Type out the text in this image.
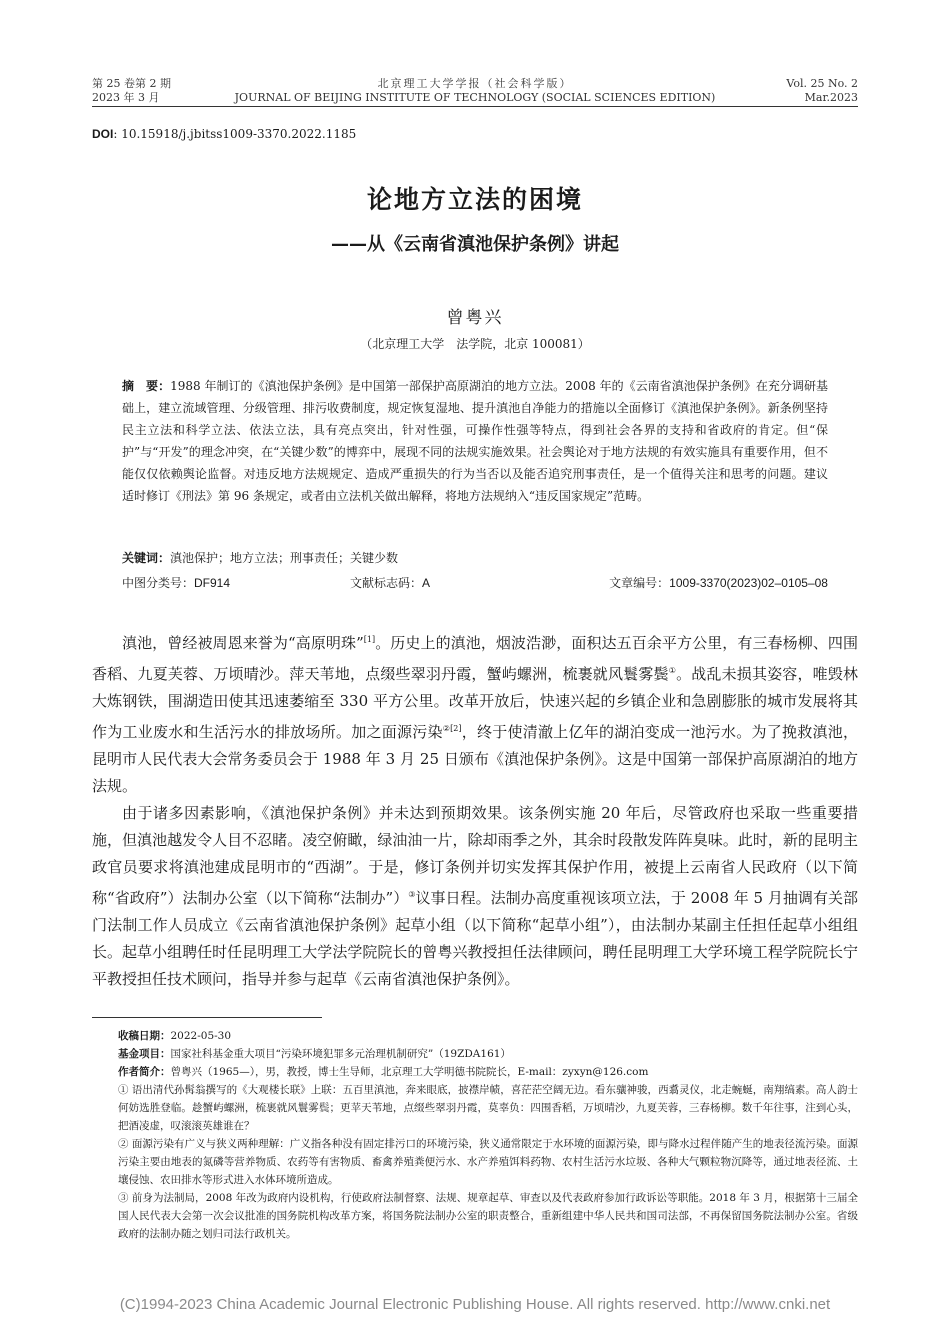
第 25 卷第 2 期
2023 年 3 月
北京理工大学学报（社会科学版）
JOURNAL OF BEIJING INSTITUTE OF TECHNOLOGY (SOCIAL SCIENCES EDITION)
Vol. 25 No. 2
Mar.2023
DOI: 10.15918/j.jbitss1009-3370.2022.1185
论地方立法的困境
——从《云南省滇池保护条例》讲起
曾粤兴
（北京理工大学　法学院，北京 100081）
摘　要：1988 年制订的《滇池保护条例》是中国第一部保护高原湖泊的地方立法。2008 年的《云南省滇池保护条例》在充分调研基础上，建立流域管理、分级管理、排污收费制度，规定恢复湿地、提升滇池自净能力的措施以全面修订《滇池保护条例》。新条例坚持民主立法和科学立法、依法立法，具有亮点突出，针对性强，可操作性强等特点，得到社会各界的支持和省政府的肯定。但“保护”与“开发”的理念冲突，在“关键少数”的博弈中，展现不同的法规实施效果。社会舆论对于地方法规的有效实施具有重要作用，但不能仅仅依赖舆论监督。对违反地方法规规定、造成严重损失的行为当否以及能否追究刑事责任，是一个值得关注和思考的问题。建议适时修订《刑法》第 96 条规定，或者由立法机关做出解释，将地方法规纳入“违反国家规定”范畴。
关键词：滇池保护；地方立法；刑事责任；关键少数
中图分类号：DF914	文献标志码：A	文章编号：1009-3370(2023)02–0105–08

滇池，曾经被周恩来誉为“高原明珠”[1]。历史上的滇池，烟波浩渺，面积达五百余平方公里，有三春杨柳、四围香稻、九夏芙蓉、万顷晴沙。萍天苇地，点缀些翠羽丹霞，蟹屿螺洲，梳裹就风鬟雾鬓①。战乱未损其姿容，唯毁林大炼钢铁，围湖造田使其迅速萎缩至 330 平方公里。改革开放后，快速兴起的乡镇企业和急剧膨胀的城市发展将其作为工业废水和生活污水的排放场所。加之面源污染$^{②[2]}$，终于使清澈上亿年的湖泊变成一池污水。为了挽救滇池，昆明市人民代表大会常务委员会于 1988 年 3 月 25 日颁布《滇池保护条例》。这是中国第一部保护高原湖泊的地方法规。

由于诸多因素影响，《滇池保护条例》并未达到预期效果。该条例实施 20 年后，尽管政府也采取一些重要措施，但滇池越发令人目不忍睹。凌空俯瞰，绿油油一片，除却雨季之外，其余时段散发阵阵臭味。此时，新的昆明主政官员要求将滇池建成昆明市的“西湖”。于是，修订条例并切实发挥其保护作用，被提上云南省人民政府（以下简称“省政府”）法制办公室（以下简称“法制办”）③议事日程。法制办高度重视该项立法，于 2008 年 5 月抽调有关部门法制工作人员成立《云南省滇池保护条例》起草小组（以下简称“起草小组”），由法制办某副主任担任起草小组组长。起草小组聘任时任昆明理工大学法学院院长的曾粤兴教授担任法律顾问，聘任昆明理工大学环境工程学院院长宁平教授担任技术顾问，指导并参与起草《云南省滇池保护条例》。

收稿日期：2022-05-30

基金项目：国家社科基金重大项目“污染环境犯罪多元治理机制研究”（19ZDA161）

作者简介：曾粤兴（1965—），男，教授，博士生导师，北京理工大学明德书院院长，E-mail：zyxyn@126.com

① 语出清代孙髯翁撰写的《大观楼长联》上联：五百里滇池，奔来眼底，披襟岸帻，喜茫茫空阔无边。看东骧神骏，西翥灵仪，北走蜿蜒，南翔缟素。高人韵士何妨选胜登临。趁蟹屿螺洲，梳裹就风鬟雾鬓；更苹天苇地，点缀些翠羽丹霞，莫辜负：四围香稻，万顷晴沙，九夏芙蓉，三春杨柳。数千年往事，注到心头，把酒凌虚，叹滚滚英雄谁在？

② 面源污染有广义与狭义两种理解：广义指各种没有固定排污口的环境污染，狭义通常限定于水环境的面源污染，即与降水过程伴随产生的地表径流污染。面源污染主要由地表的氮磷等营养物质、农药等有害物质、畜禽养殖粪便污水、水产养殖饵料药物、农村生活污水垃圾、各种大气颗粒物沉降等，通过地表径流、土壤侵蚀、农田排水等形式进入水体环境所造成。

③ 前身为法制局，2008 年改为政府内设机构，行使政府法制督察、法规、规章起草、审查以及代表政府参加行政诉讼等职能。2018 年 3 月，根据第十三届全国人民代表大会第一次会议批准的国务院机构改革方案，将国务院法制办公室的职责整合，重新组建中华人民共和国司法部，不再保留国务院法制办公室。省级政府的法制办随之划归司法行政机关。

(C)1994-2023 China Academic Journal Electronic Publishing House. All rights reserved. http://www.cnki.net
